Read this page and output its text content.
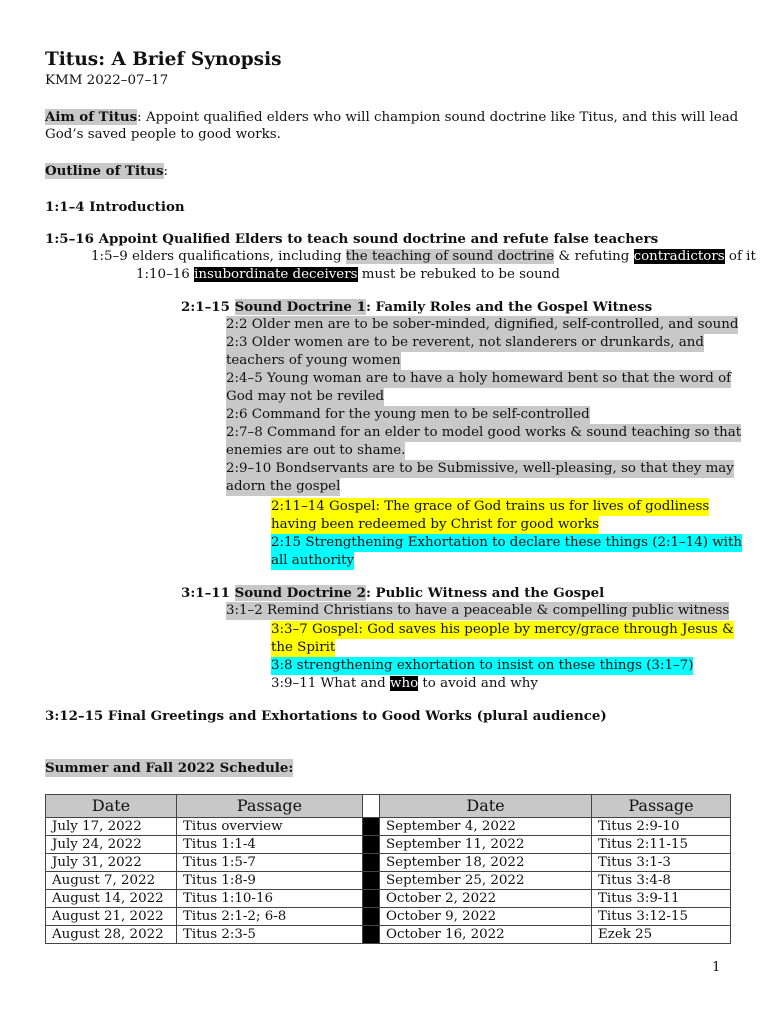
Titus: A Brief Synopsis
KMM 2022–07–17
Aim of Titus: Appoint qualified elders who will champion sound doctrine like Titus, and this will lead
God’s saved people to good works.
Outline of Titus:
1:1–4 Introduction
1:5–16 Appoint Qualified Elders to teach sound doctrine and refute false teachers
1:5–9 elders qualifications, including the teaching of sound doctrine & refuting contradictors of it
1:10–16 insubordinate deceivers must be rebuked to be sound
2:1–15 Sound Doctrine 1: Family Roles and the Gospel Witness
2:2 Older men are to be sober-minded, dignified, self-controlled, and sound
2:3 Older women are to be reverent, not slanderers or drunkards, and
teachers of young women
2:4–5 Young woman are to have a holy homeward bent so that the word of
God may not be reviled
2:6 Command for the young men to be self-controlled
2:7–8 Command for an elder to model good works & sound teaching so that
enemies are out to shame.
2:9–10 Bondservants are to be Submissive, well-pleasing, so that they may
adorn the gospel
2:11–14 Gospel: The grace of God trains us for lives of godliness
having been redeemed by Christ for good works
2:15 Strengthening Exhortation to declare these things (2:1–14) with
all authority
3:1–11 Sound Doctrine 2: Public Witness and the Gospel
3:1–2 Remind Christians to have a peaceable & compelling public witness
3:3–7 Gospel: God saves his people by mercy/grace through Jesus &
the Spirit
3:8 strengthening exhortation to insist on these things (3:1–7)
3:9–11 What and who to avoid and why
3:12–15 Final Greetings and Exhortations to Good Works (plural audience)
Summer and Fall 2022 Schedule:
Date	Passage		Date	Passage
July 17, 2022	Titus overview		September 4, 2022	Titus 2:9-10
July 24, 2022	Titus 1:1-4		September 11, 2022	Titus 2:11-15
July 31, 2022	Titus 1:5-7		September 18, 2022	Titus 3:1-3
August 7, 2022	Titus 1:8-9		September 25, 2022	Titus 3:4-8
August 14, 2022	Titus 1:10-16		October 2, 2022	Titus 3:9-11
August 21, 2022	Titus 2:1-2; 6-8		October 9, 2022	Titus 3:12-15
August 28, 2022	Titus 2:3-5		October 16, 2022	Ezek 25
1
